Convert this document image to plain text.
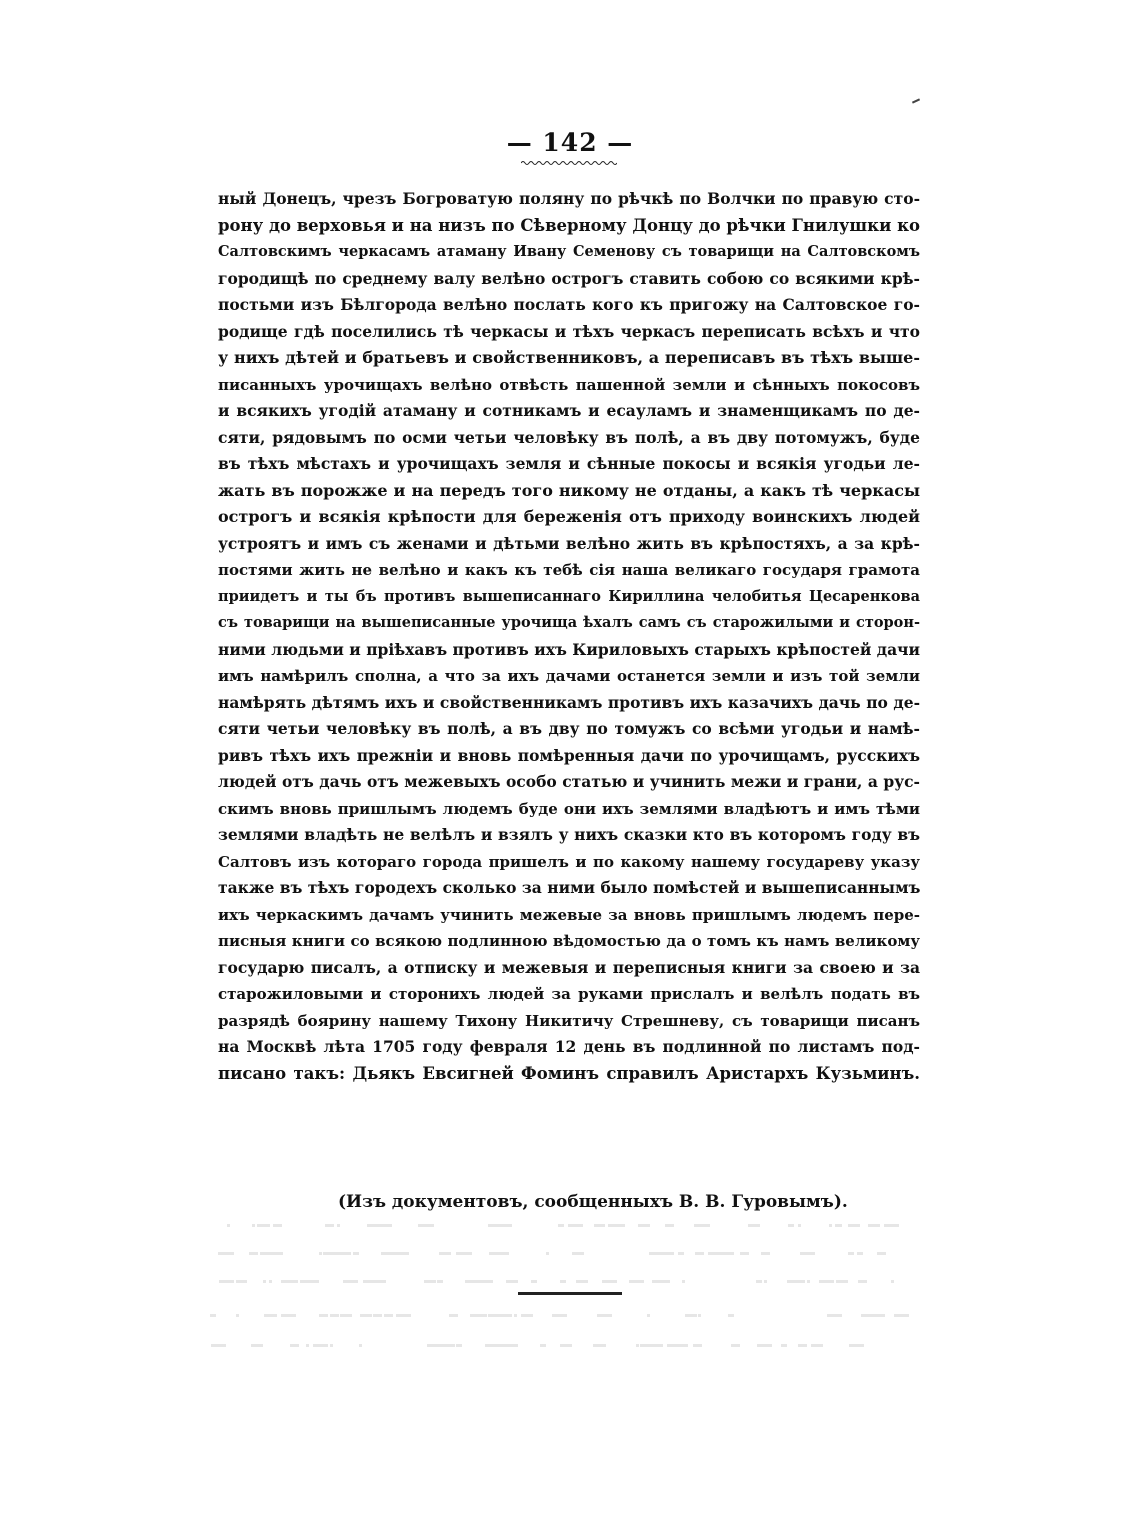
— 142 —
ный Донецъ, чрезъ Богроватую поляну по рѣчкѣ по Волчки по правую сто-
рону до верховья и на низъ по Сѣверному Донцу до рѣчки Гнилушки ко
Салтовскимъ черкасамъ атаману Ивану Семенову съ товарищи на Салтовскомъ
городищѣ по среднему валу велѣно острогъ ставить собою со всякими крѣ-
постьми изъ Бѣлгорода велѣно послать кого къ пригожу на Салтовское го-
родище гдѣ поселились тѣ черкасы и тѣхъ черкасъ переписать всѣхъ и что
у нихъ дѣтей и братьевъ и свойственниковъ, а переписавъ въ тѣхъ выше-
писанныхъ урочищахъ велѣно отвѣсть пашенной земли и сѣнныхъ покосовъ
и всякихъ угодій атаману и сотникамъ и есауламъ и знаменщикамъ по де-
сяти, рядовымъ по осми четьи человѣку въ полѣ, а въ дву потомужъ, буде
въ тѣхъ мѣстахъ и урочищахъ земля и сѣнные покосы и всякія угодьи ле-
жать въ порожже и на передъ того никому не отданы, а какъ тѣ черкасы
острогъ и всякія крѣпости для береженія отъ приходу воинскихъ людей
устроятъ и имъ съ женами и дѣтьми велѣно жить въ крѣпостяхъ, а за крѣ-
постями жить не велѣно и какъ къ тебѣ сія наша великаго государя грамота
приидетъ и ты бъ противъ вышеписаннаго Кириллина челобитья Цесаренкова
съ товарищи на вышеписанные урочища ѣхалъ самъ съ старожилыми и сторон-
ними людьми и пріѣхавъ противъ ихъ Кириловыхъ старыхъ крѣпостей дачи
имъ намѣрилъ сполна, а что за ихъ дачами останется земли и изъ той земли
намѣрять дѣтямъ ихъ и свойственникамъ противъ ихъ казачихъ дачь по де-
сяти четьи человѣку въ полѣ, а въ дву по томужъ со всѣми угодьи и намѣ-
ривъ тѣхъ ихъ прежніи и вновь помѣренныя дачи по урочищамъ, русскихъ
людей отъ дачь отъ межевыхъ особо статью и учинить межи и грани, а рус-
скимъ вновь пришлымъ людемъ буде они ихъ землями владѣютъ и имъ тѣми
землями владѣть не велѣлъ и взялъ у нихъ сказки кто въ которомъ году въ
Салтовъ изъ котораго города пришелъ и по какому нашему государеву указу
также въ тѣхъ городехъ сколько за ними было помѣстей и вышеписаннымъ
ихъ черкаскимъ дачамъ учинить межевые за вновь пришлымъ людемъ пере-
писныя книги со всякою подлинною вѣдомостью да о томъ къ намъ великому
государю писалъ, а отписку и межевыя и переписныя книги за своею и за
старожиловыми и сторонихъ людей за руками прислалъ и велѣлъ подать въ
разрядѣ боярину нашему Тихону Никитичу Стрешневу, съ товарищи писанъ
на Москвѣ лѣта 1705 году февраля 12 день въ подлинной по листамъ под-
писано такъ: Дьякъ Евсигней Фоминъ справилъ Аристархъ Кузьминъ.
(Изъ документовъ, сообщенныхъ В. В. Гуровымъ).
